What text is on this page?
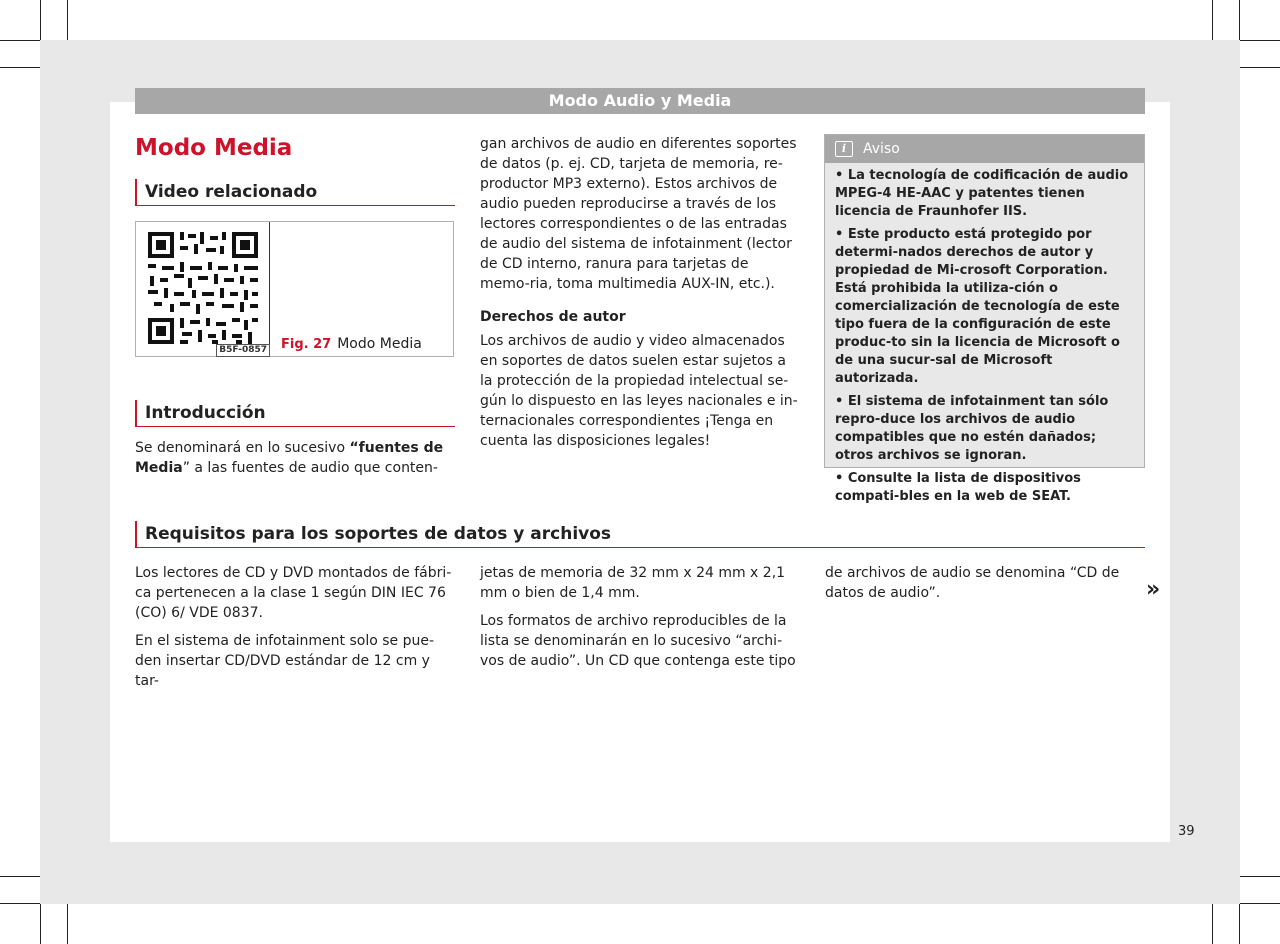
Modo Audio y Media
Modo Media
Video relacionado
B5F-0857 Fig. 27 Modo Media
Introducción

Se denominará en lo sucesivo “fuentes de Media” a las fuentes de audio que conten-

gan archivos de audio en diferentes soportes de datos (p. ej. CD, tarjeta de memoria, re-productor MP3 externo). Estos archivos de audio pueden reproducirse a través de los lectores correspondientes o de las entradas de audio del sistema de infotainment (lector de CD interno, ranura para tarjetas de memo-ria, toma multimedia AUX-IN, etc.).

Derechos de autor

Los archivos de audio y video almacenados en soportes de datos suelen estar sujetos a la protección de la propiedad intelectual se-gún lo dispuesto en las leyes nacionales e in-ternacionales correspondientes ¡Tenga en cuenta las disposiciones legales!

i Aviso

• La tecnología de codificación de audio MPEG-4 HE-AAC y patentes tienen licencia de Fraunhofer IIS.

• Este producto está protegido por determi-nados derechos de autor y propiedad de Mi-crosoft Corporation. Está prohibida la utiliza-ción o comercialización de tecnología de este tipo fuera de la configuración de este produc-to sin la licencia de Microsoft o de una sucur-sal de Microsoft autorizada.

• El sistema de infotainment tan sólo repro-duce los archivos de audio compatibles que no estén dañados; otros archivos se ignoran.

• Consulte la lista de dispositivos compati-bles en la web de SEAT.

Requisitos para los soportes de datos y archivos

Los lectores de CD y DVD montados de fábri-ca pertenecen a la clase 1 según DIN IEC 76 (CO) 6/ VDE 0837.

En el sistema de infotainment solo se pue-den insertar CD/DVD estándar de 12 cm y tar-

jetas de memoria de 32 mm x 24 mm x 2,1 mm o bien de 1,4 mm.

Los formatos de archivo reproducibles de la lista se denominarán en lo sucesivo “archi-vos de audio”. Un CD que contenga este tipo

de archivos de audio se denomina “CD de datos de audio”.	»
39
